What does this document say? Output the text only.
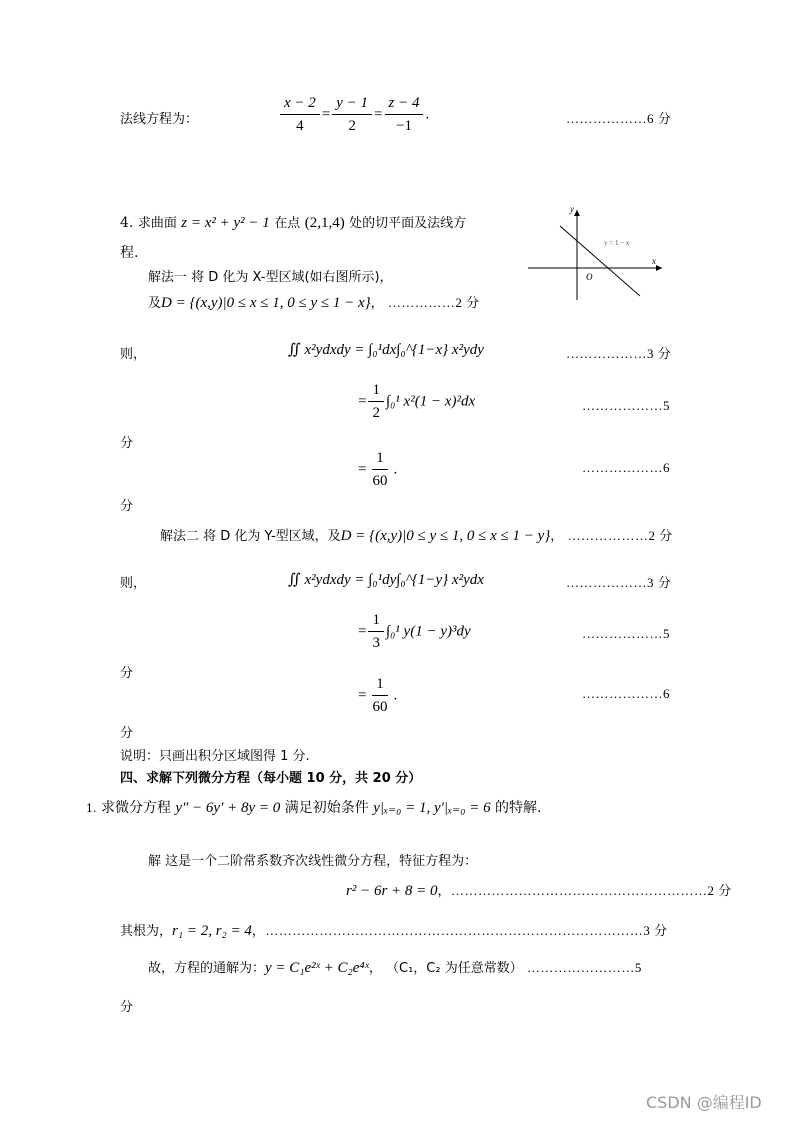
法线方程为：	$\frac{x - 2}{4} = \frac{y - 1}{2} = \frac{z - 4}{-1}$ .	………………6 分
4. 求曲面 z = x² + y² − 1 在点 (2,1,4) 处的切平面及法线方
程.
y
x
y = 1 − x
O
解法一 将 D 化为 X-型区域(如右图所示)，
及D = {(x,y)|0 ≤ x ≤ 1, 0 ≤ y ≤ 1 − x}， ……………2 分
则，	∬ x²ydxdy = ∫₀¹dx∫₀^{1−x} x²ydy	………………3 分
= $\frac{1}{2} \int_0^1$ x²(1 − x)²dx	………………5
分
= $\frac{1}{60}$ .	………………6
分
解法二 将 D 化为 Y-型区域，及D = {(x,y)|0 ≤ y ≤ 1, 0 ≤ x ≤ 1 − y}， ………………2 分
则，	∬ x²ydxdy = ∫₀¹dy∫₀^{1−y} x²ydx	………………3 分
= $\frac{1}{3} \int_0^1$ y(1 − y)³dy	………………5
分
= $\frac{1}{60}$ .	………………6
分
说明：只画出积分区域图得 1 分.
四、求解下列微分方程（每小题 10 分，共 20 分）
1. 求微分方程 y″ − 6y′ + 8y = 0 满足初始条件 y|ₓ₌₀ = 1, y′|ₓ₌₀ = 6 的特解.
解 这是一个二阶常系数齐次线性微分方程，特征方程为：
r² − 6r + 8 = 0，…………………………………………………2 分
其根为，r₁ = 2, r₂ = 4，…………………………………………………………………………3 分
故，方程的通解为：y = C₁e²ˣ + C₂e⁴ˣ， （C₁，C₂ 为任意常数） ……………………5
分
CSDN @编程ID
